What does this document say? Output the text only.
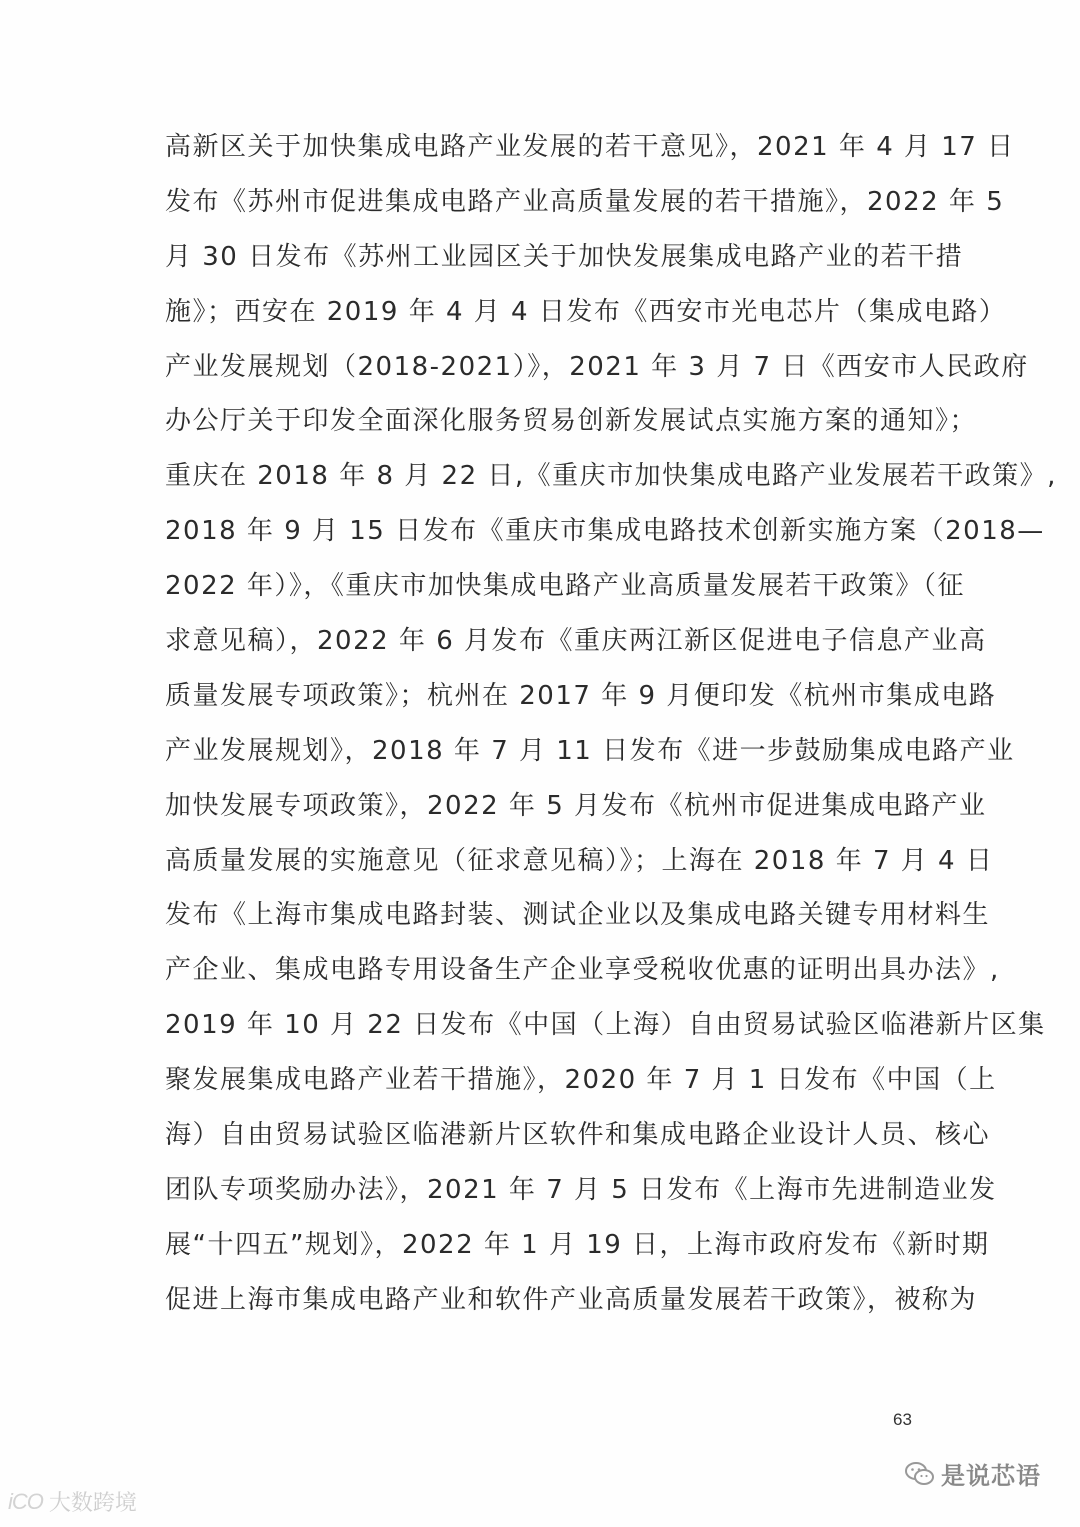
高新区关于加快集成电路产业发展的若干意见》，2021 年 4 月 17 日
发布《苏州市促进集成电路产业高质量发展的若干措施》，2022 年 5
月 30 日发布《苏州工业园区关于加快发展集成电路产业的若干措
施》；西安在 2019 年 4 月 4 日发布《西安市光电芯片（集成电路）
产业发展规划（2018-2021）》，2021 年 3 月 7 日《西安市人民政府
办公厅关于印发全面深化服务贸易创新发展试点实施方案的通知》；
重庆在 2018 年 8 月 22 日,《重庆市加快集成电路产业发展若干政策》,
2018 年 9 月 15 日发布《重庆市集成电路技术创新实施方案（2018—
2022 年）》，《重庆市加快集成电路产业高质量发展若干政策》（征
求意见稿），2022 年 6 月发布《重庆两江新区促进电子信息产业高
质量发展专项政策》；杭州在 2017 年 9 月便印发《杭州市集成电路
产业发展规划》，2018 年 7 月 11 日发布《进一步鼓励集成电路产业
加快发展专项政策》，2022 年 5 月发布《杭州市促进集成电路产业
高质量发展的实施意见（征求意见稿）》；上海在 2018 年 7 月 4 日
发布《上海市集成电路封装、测试企业以及集成电路关键专用材料生
产企业、集成电路专用设备生产企业享受税收优惠的证明出具办法》,
2019 年 10 月 22 日发布《中国（上海）自由贸易试验区临港新片区集
聚发展集成电路产业若干措施》，2020 年 7 月 1 日发布《中国（上
海）自由贸易试验区临港新片区软件和集成电路企业设计人员、核心
团队专项奖励办法》，2021 年 7 月 5 日发布《上海市先进制造业发
展“十四五”规划》，2022 年 1 月 19 日，上海市政府发布《新时期
促进上海市集成电路产业和软件产业高质量发展若干政策》，被称为
63
iCO 大数跨境
是说芯语
